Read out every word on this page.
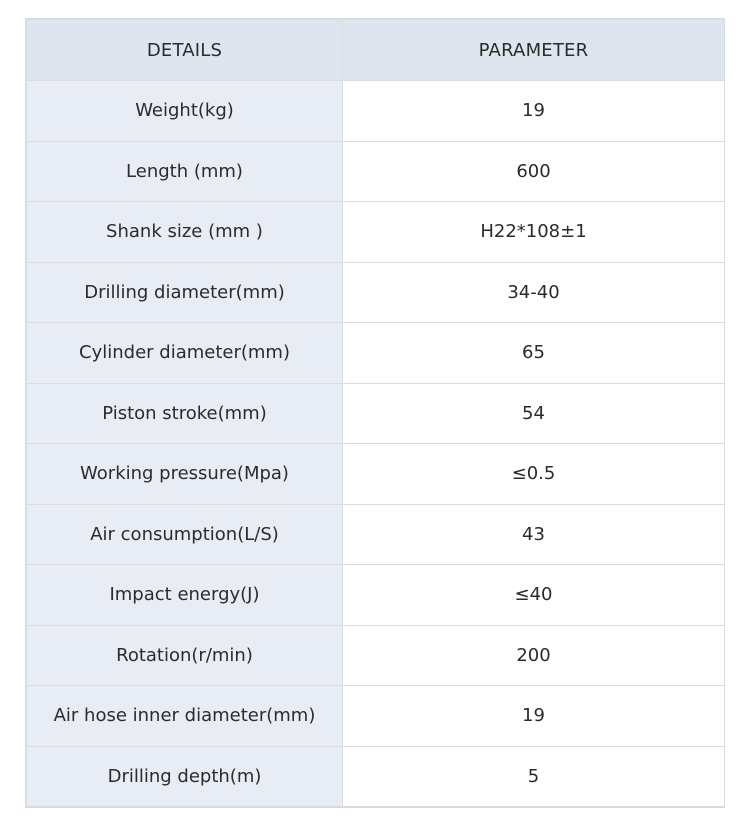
DETAILS	PARAMETER
Weight(kg)	19
Length (mm)	600
Shank size (mm )	H22*108±1
Drilling diameter(mm)	34-40
Cylinder diameter(mm)	65
Piston stroke(mm)	54
Working pressure(Mpa)	≤0.5
Air consumption(L/S)	43
Impact energy(J)	≤40
Rotation(r/min)	200
Air hose inner diameter(mm)	19
Drilling depth(m)	5
